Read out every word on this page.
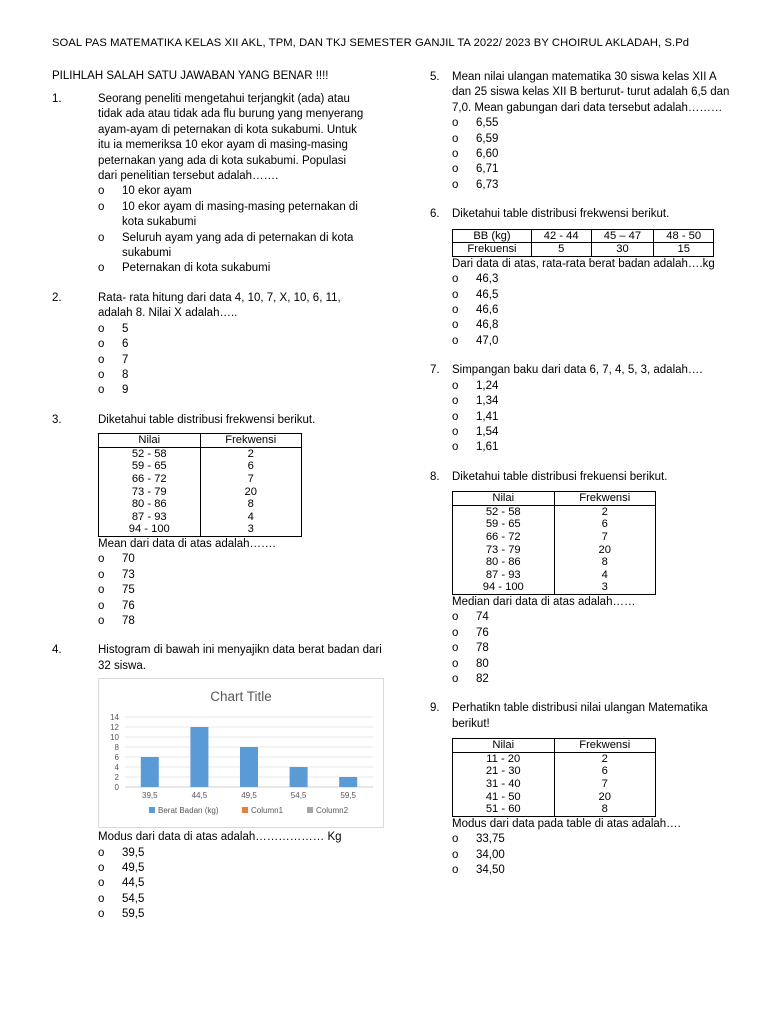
SOAL PAS MATEMATIKA KELAS XII AKL, TPM, DAN TKJ SEMESTER GANJIL TA 2022/ 2023 BY CHOIRUL AKLADAH, S.Pd
PILIHLAH SALAH SATU JAWABAN YANG BENAR !!!!
1.	Seorang peneliti mengetahui terjangkit (ada) atau tidak ada atau tidak ada flu burung yang menyerang ayam-ayam di peternakan di kota sukabumi. Untuk itu ia memeriksa 10 ekor ayam di masing-masing peternakan yang ada di kota sukabumi. Populasi dari penelitian tersebut adalah…….
o	10 ekor ayam
o	10 ekor ayam di masing-masing peternakan di kota sukabumi
o	Seluruh ayam yang ada di peternakan di kota sukabumi
o	Peternakan di kota sukabumi
2.	Rata- rata hitung dari data 4, 10, 7, X, 10, 6, 11, adalah 8. Nilai X adalah…..
o	5
o	6
o	7
o	8
o	9
3.	Diketahui table distribusi frekwensi berikut.
Nilai	Frekwensi
52 - 58	2
59 - 65	6
66 - 72	7
73 - 79	20
80 - 86	8
87 - 93	4
94 - 100	3
Mean dari data di atas adalah…….
o	70
o	73
o	75
o	76
o	78
4.	Histogram di bawah ini menyajikn data berat badan dari 32 siswa.
Chart Title
0
2
4
6
8
10
12
14
39,5	44,5	49,5	54,5	59,5
Berat Badan (kg)	Column1	Column2
Modus dari data di atas adalah……………… Kg
o	39,5
o	49,5
o	44,5
o	54,5
o	59,5
5.	Mean nilai ulangan matematika 30 siswa kelas XII A dan 25 siswa kelas XII B berturut- turut adalah 6,5 dan 7,0. Mean gabungan dari data tersebut adalah………
o	6,55
o	6,59
o	6,60
o	6,71
o	6,73
6.	Diketahui table distribusi frekwensi berikut.
BB (kg)	42 - 44	45 – 47	48 - 50
Frekuensi	5	30	15
Dari data di atas, rata-rata berat badan adalah….kg
o	46,3
o	46,5
o	46,6
o	46,8
o	47,0
7.	Simpangan baku dari data 6, 7, 4, 5, 3, adalah….
o	1,24
o	1,34
o	1,41
o	1,54
o	1,61
8.	Diketahui table distribusi frekuensi berikut.
Nilai	Frekwensi
52 - 58	2
59 - 65	6
66 - 72	7
73 - 79	20
80 - 86	8
87 - 93	4
94 - 100	3
Median dari data di atas adalah……
o	74
o	76
o	78
o	80
o	82
9.	Perhatikn table distribusi nilai ulangan Matematika berikut!
Nilai	Frekwensi
11 - 20	2
21 - 30	6
31 - 40	7
41 - 50	20
51 - 60	8
Modus dari data pada table di atas adalah….
o	33,75
o	34,00
o	34,50
